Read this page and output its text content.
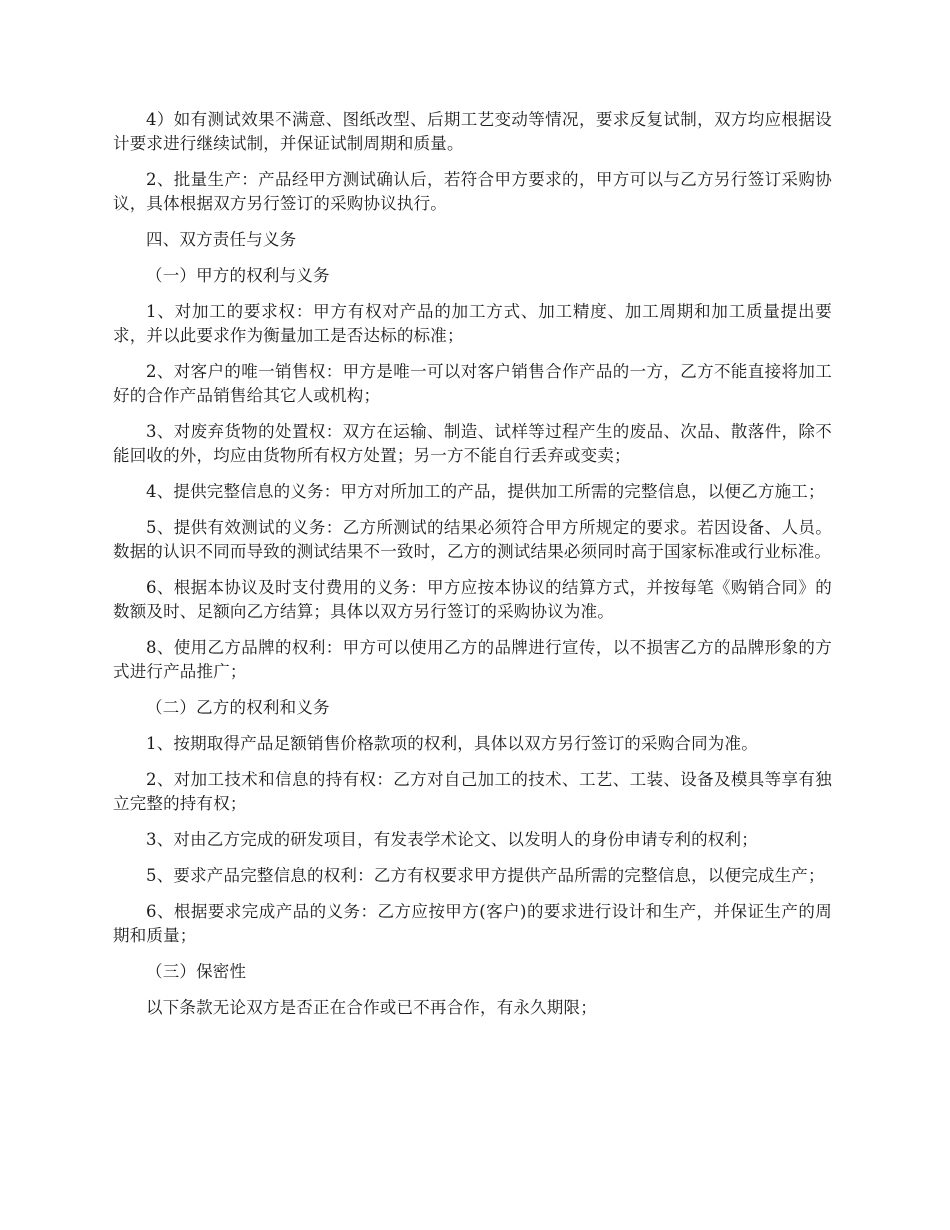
4）如有测试效果不满意、图纸改型、后期工艺变动等情况，要求反复试制，双方均应根据设计要求进行继续试制，并保证试制周期和质量。

2、批量生产：产品经甲方测试确认后，若符合甲方要求的，甲方可以与乙方另行签订采购协议，具体根据双方另行签订的采购协议执行。

四、双方责任与义务

（一）甲方的权利与义务

1、对加工的要求权：甲方有权对产品的加工方式、加工精度、加工周期和加工质量提出要求，并以此要求作为衡量加工是否达标的标准；

2、对客户的唯一销售权：甲方是唯一可以对客户销售合作产品的一方，乙方不能直接将加工好的合作产品销售给其它人或机构；

3、对废弃货物的处置权：双方在运输、制造、试样等过程产生的废品、次品、散落件，除不能回收的外，均应由货物所有权方处置；另一方不能自行丢弃或变卖；

4、提供完整信息的义务：甲方对所加工的产品，提供加工所需的完整信息，以便乙方施工；

5、提供有效测试的义务：乙方所测试的结果必须符合甲方所规定的要求。若因设备、人员。数据的认识不同而导致的测试结果不一致时，乙方的测试结果必须同时高于国家标准或行业标准。

6、根据本协议及时支付费用的义务：甲方应按本协议的结算方式，并按每笔《购销合同》的数额及时、足额向乙方结算；具体以双方另行签订的采购协议为准。

8、使用乙方品牌的权利：甲方可以使用乙方的品牌进行宣传，以不损害乙方的品牌形象的方式进行产品推广；

（二）乙方的权利和义务

1、按期取得产品足额销售价格款项的权利，具体以双方另行签订的采购合同为准。

2、对加工技术和信息的持有权：乙方对自己加工的技术、工艺、工装、设备及模具等享有独立完整的持有权；

3、对由乙方完成的研发项目，有发表学术论文、以发明人的身份申请专利的权利；

5、要求产品完整信息的权利：乙方有权要求甲方提供产品所需的完整信息，以便完成生产；

6、根据要求完成产品的义务：乙方应按甲方(客户)的要求进行设计和生产，并保证生产的周期和质量；

（三）保密性

以下条款无论双方是否正在合作或已不再合作，有永久期限；
